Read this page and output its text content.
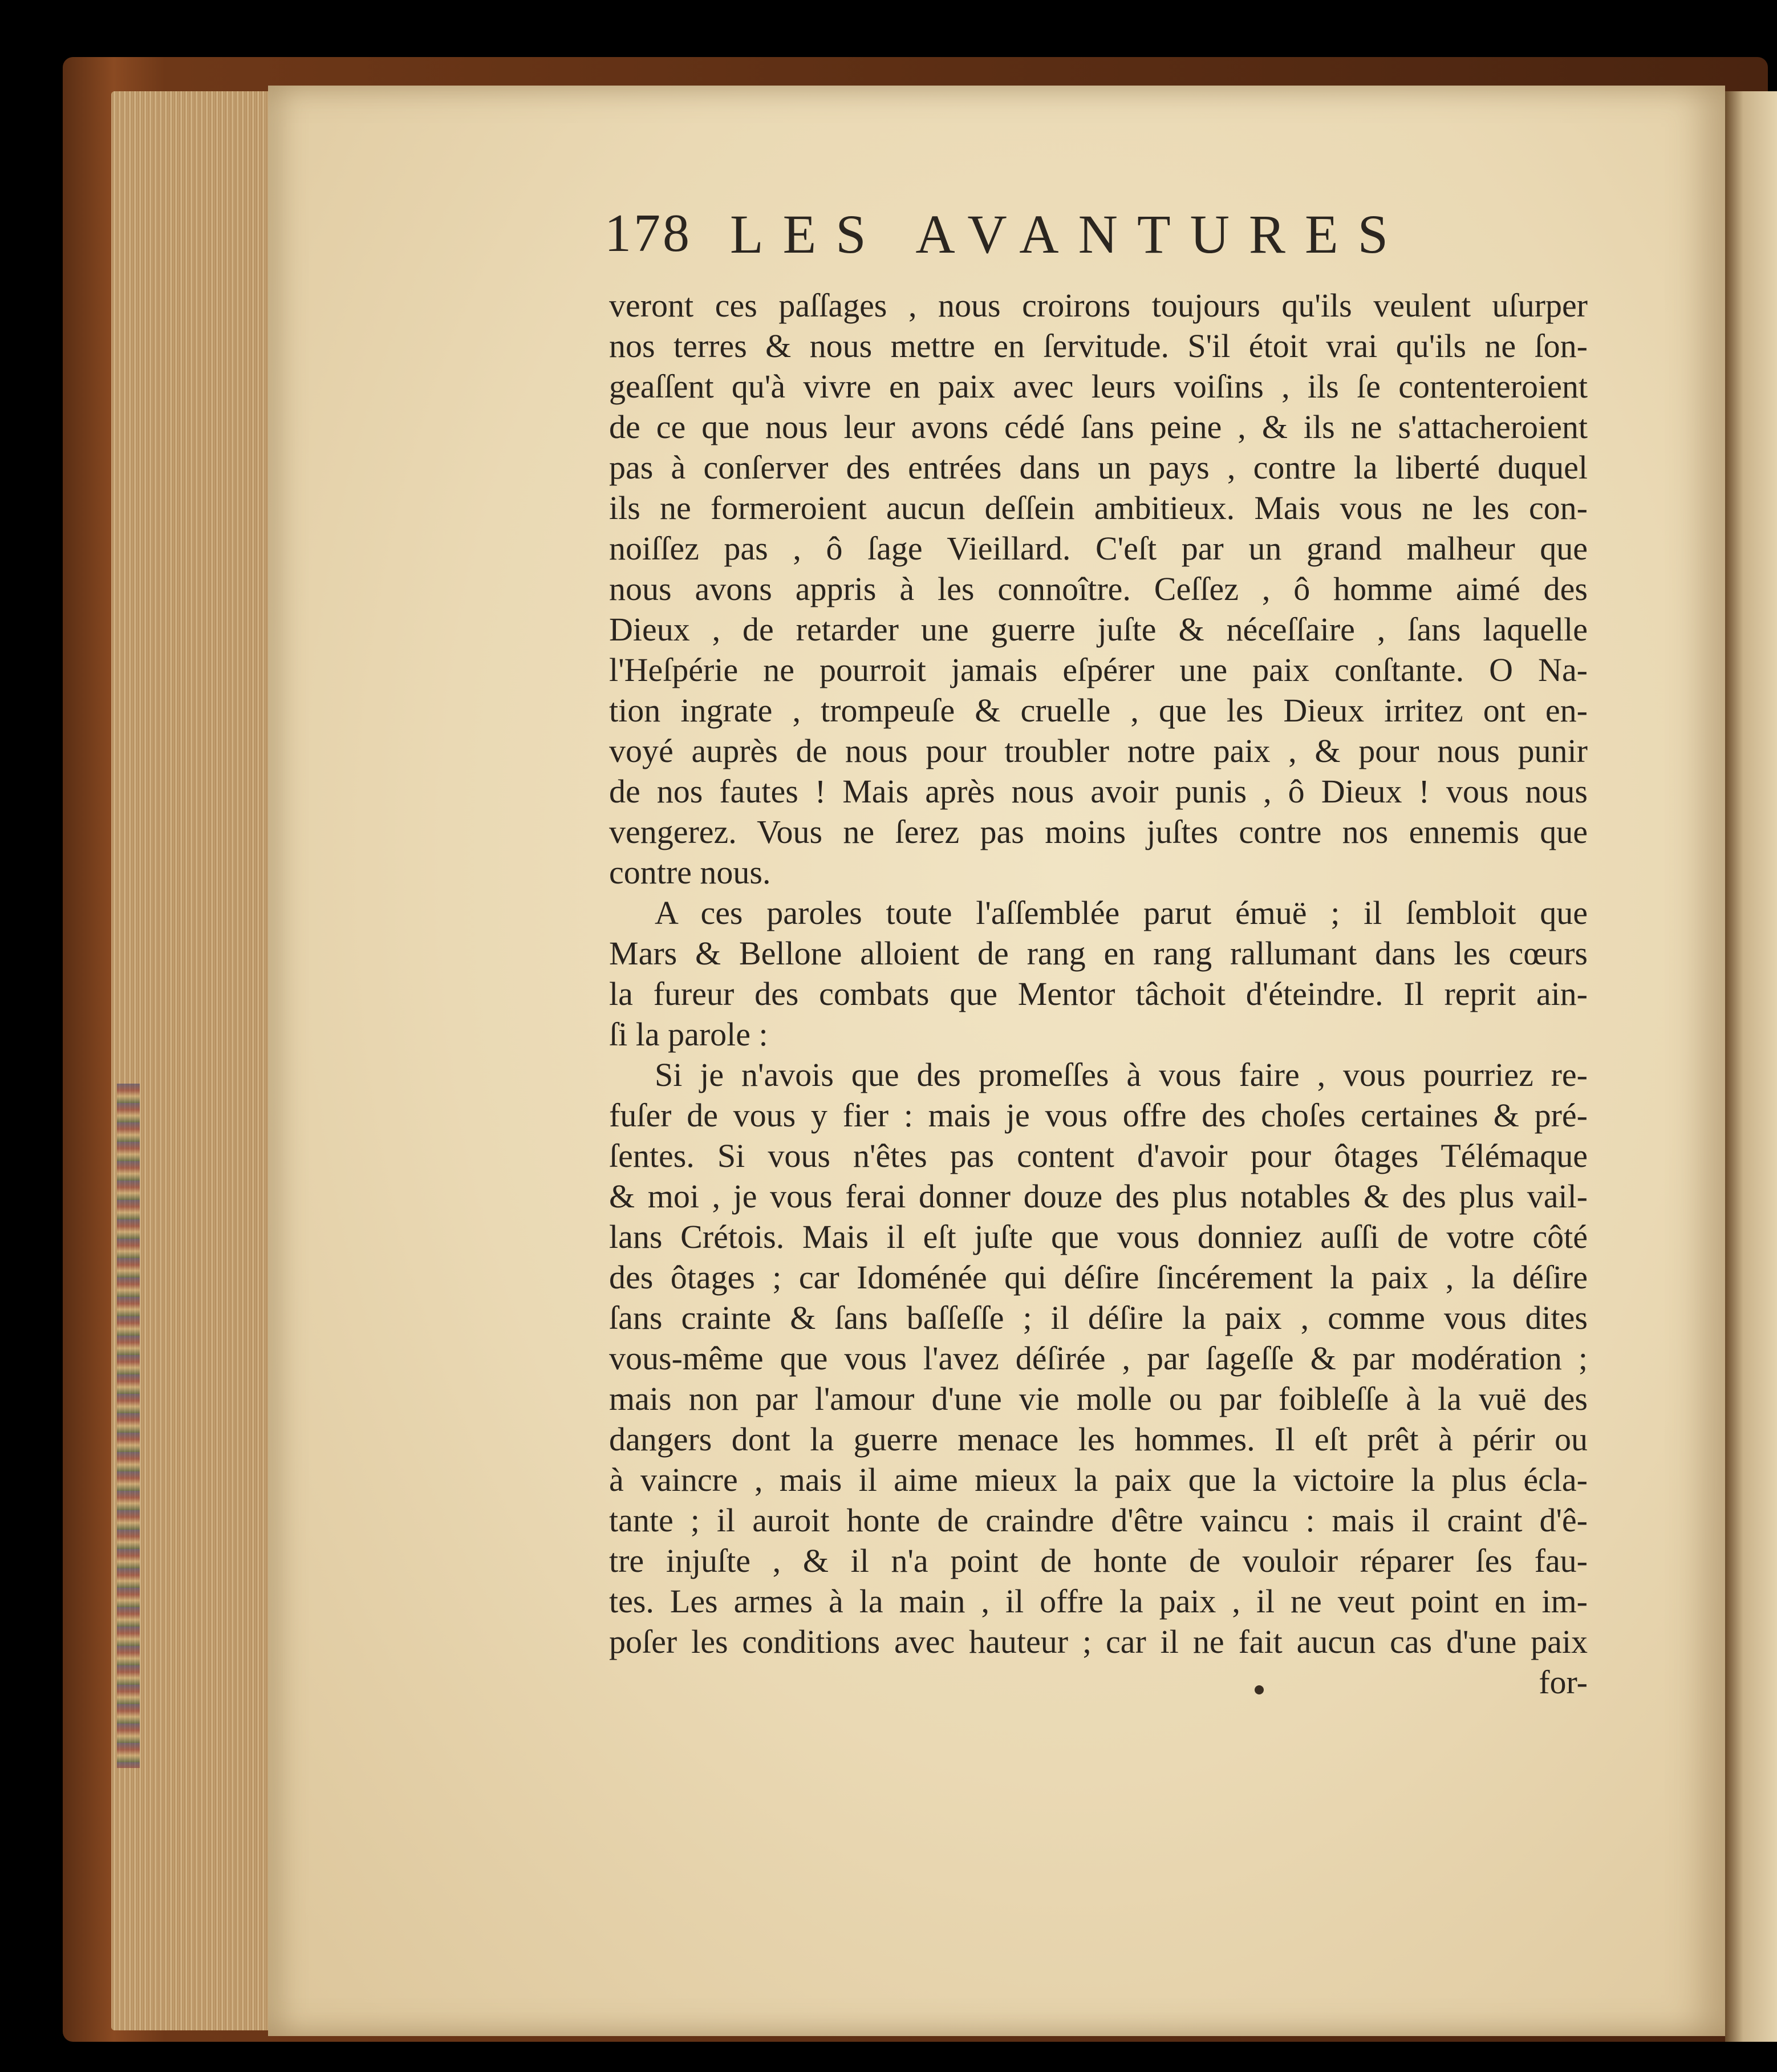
178 LES AVANTURES
veront ces paſſages , nous croirons toujours qu'ils veulent uſurper
nos terres & nous mettre en ſervitude. S'il étoit vrai qu'ils ne ſon-
geaſſent qu'à vivre en paix avec leurs voiſins , ils ſe contenteroient
de ce que nous leur avons cédé ſans peine , & ils ne s'attacheroient
pas à conſerver des entrées dans un pays , contre la liberté duquel
ils ne formeroient aucun deſſein ambitieux. Mais vous ne les con-
noiſſez pas , ô ſage Vieillard. C'eſt par un grand malheur que
nous avons appris à les connoître. Ceſſez , ô homme aimé des
Dieux , de retarder une guerre juſte & néceſſaire , ſans laquelle
l'Heſpérie ne pourroit jamais eſpérer une paix conſtante. O Na-
tion ingrate , trompeuſe & cruelle , que les Dieux irritez ont en-
voyé auprès de nous pour troubler notre paix , & pour nous punir
de nos fautes ! Mais après nous avoir punis , ô Dieux ! vous nous
vengerez. Vous ne ſerez pas moins juſtes contre nos ennemis que
contre nous.
A ces paroles toute l'aſſemblée parut émuë ; il ſembloit que
Mars & Bellone alloient de rang en rang rallumant dans les cœurs
la fureur des combats que Mentor tâchoit d'éteindre. Il reprit ain-
ſi la parole :
Si je n'avois que des promeſſes à vous faire , vous pourriez re-
fuſer de vous y fier : mais je vous offre des choſes certaines & pré-
ſentes. Si vous n'êtes pas content d'avoir pour ôtages Télémaque
& moi , je vous ferai donner douze des plus notables & des plus vail-
lans Crétois. Mais il eſt juſte que vous donniez auſſi de votre côté
des ôtages ; car Idoménée qui déſire ſincérement la paix , la déſire
ſans crainte & ſans baſſeſſe ; il déſire la paix , comme vous dites
vous-même que vous l'avez déſirée , par ſageſſe & par modération ;
mais non par l'amour d'une vie molle ou par foibleſſe à la vuë des
dangers dont la guerre menace les hommes. Il eſt prêt à périr ou
à vaincre , mais il aime mieux la paix que la victoire la plus écla-
tante ; il auroit honte de craindre d'être vaincu : mais il craint d'ê-
tre injuſte , & il n'a point de honte de vouloir réparer ſes fau-
tes. Les armes à la main , il offre la paix , il ne veut point en im-
poſer les conditions avec hauteur ; car il ne fait aucun cas d'une paix
for-
